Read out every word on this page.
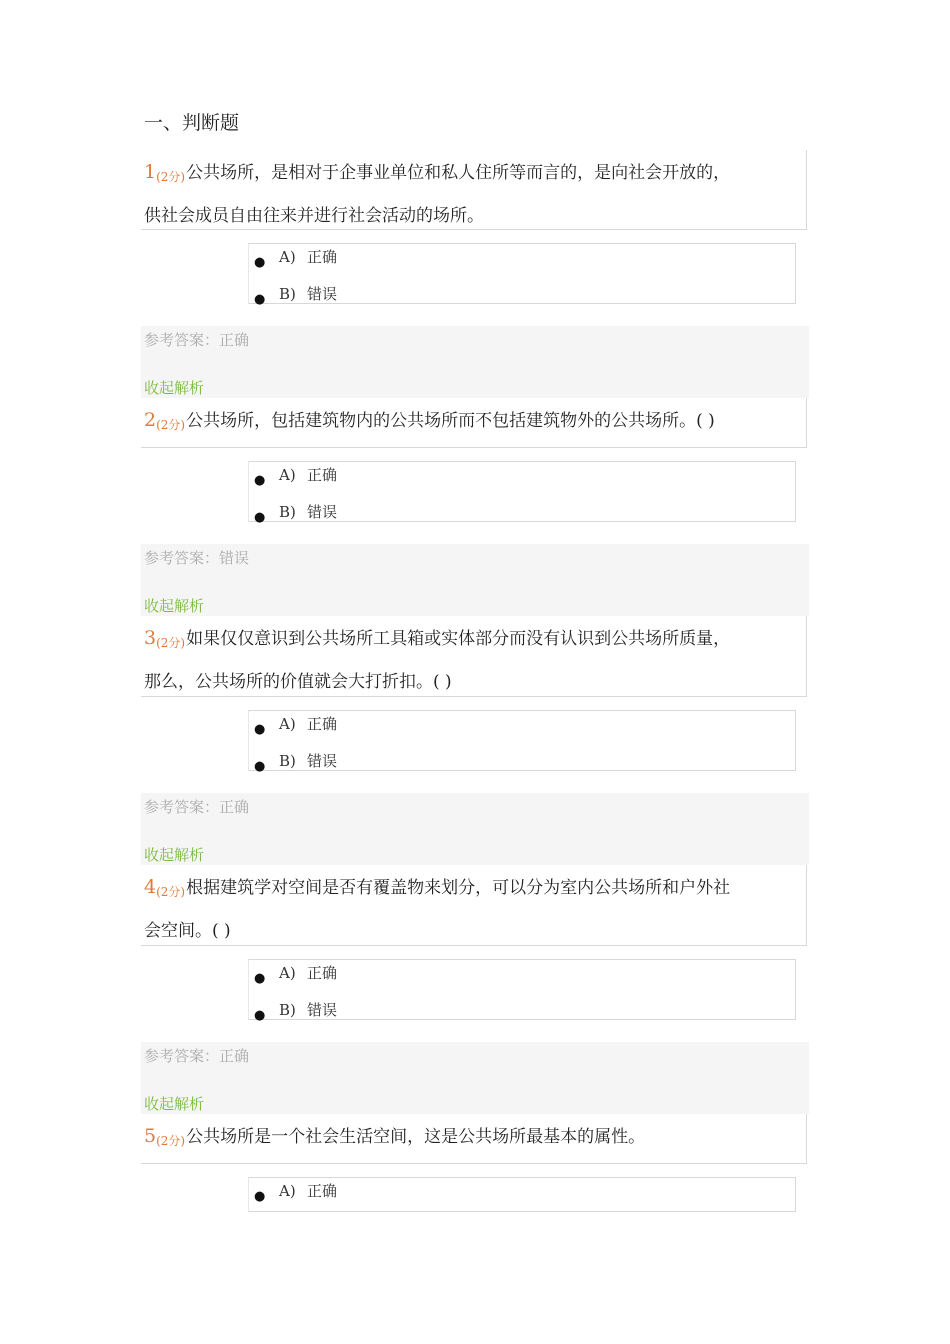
一、判断题
1(2分)公共场所，是相对于企事业单位和私人住所等而言的，是向社会开放的，
供社会成员自由往来并进行社会活动的场所。
● A) 正确
● B) 错误
参考答案：正确
收起解析
2(2分)公共场所，包括建筑物内的公共场所而不包括建筑物外的公共场所。( )
● A) 正确
● B) 错误
参考答案：错误
收起解析
3(2分)如果仅仅意识到公共场所工具箱或实体部分而没有认识到公共场所质量，
那么，公共场所的价值就会大打折扣。( )
● A) 正确
● B) 错误
参考答案：正确
收起解析
4(2分)根据建筑学对空间是否有覆盖物来划分，可以分为室内公共场所和户外社
会空间。( )
● A) 正确
● B) 错误
参考答案：正确
收起解析
5(2分)公共场所是一个社会生活空间，这是公共场所最基本的属性。
● A) 正确
